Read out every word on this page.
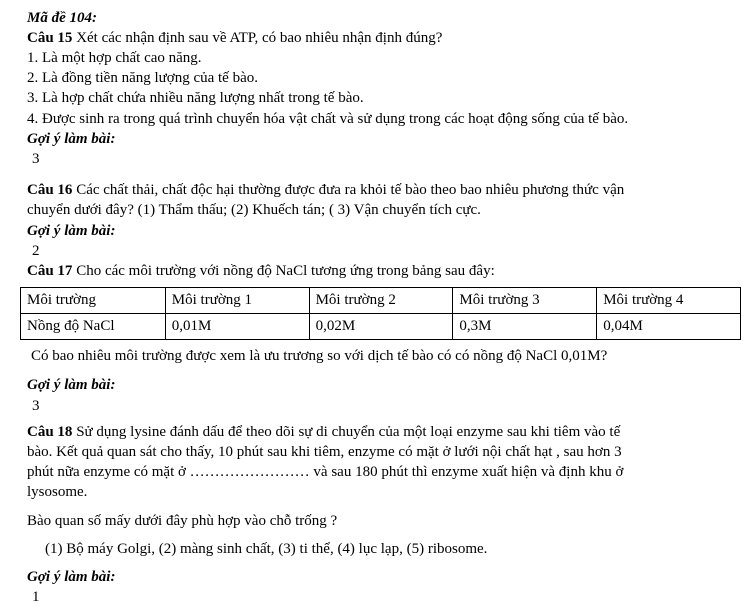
Mã đề 104:
Câu 15 Xét các nhận định sau về ATP, có bao nhiêu nhận định đúng?
1. Là một hợp chất cao năng.
2. Là đồng tiền năng lượng của tế bào.
3. Là hợp chất chứa nhiều năng lượng nhất trong tế bào.
4. Được sinh ra trong quá trình chuyển hóa vật chất và sử dụng trong các hoạt động sống của tế bào.
Gợi ý làm bài:
3
Câu 16 Các chất thải, chất độc hại thường được đưa ra khỏi tế bào theo bao nhiêu phương thức vận
chuyển dưới đây? (1) Thẩm thấu; (2) Khuếch tán; ( 3) Vận chuyển tích cực.
Gợi ý làm bài:
2
Câu 17 Cho các môi trường với nồng độ NaCl tương ứng trong bảng sau đây:
Môi trường	Môi trường 1	Môi trường 2	Môi trường 3	Môi trường 4
Nồng độ NaCl	0,01M	0,02M	0,3M	0,04M
Có bao nhiêu môi trường được xem là ưu trương so với dịch tế bào có có nồng độ NaCl 0,01M?
Gợi ý làm bài:
3
Câu 18 Sử dụng lysine đánh dấu để theo dõi sự di chuyển của một loại enzyme sau khi tiêm vào tế
bào. Kết quả quan sát cho thấy, 10 phút sau khi tiêm, enzyme có mặt ở lưới nội chất hạt , sau hơn 3
phút nữa enzyme có mặt ở …………………… và sau 180 phút thì enzyme xuất hiện và định khu ở
lysosome.
Bào quan số mấy dưới đây phù hợp vào chỗ trống ?
(1) Bộ máy Golgi, (2) màng sinh chất, (3) ti thể, (4) lục lạp, (5) ribosome.
Gợi ý làm bài:
1
